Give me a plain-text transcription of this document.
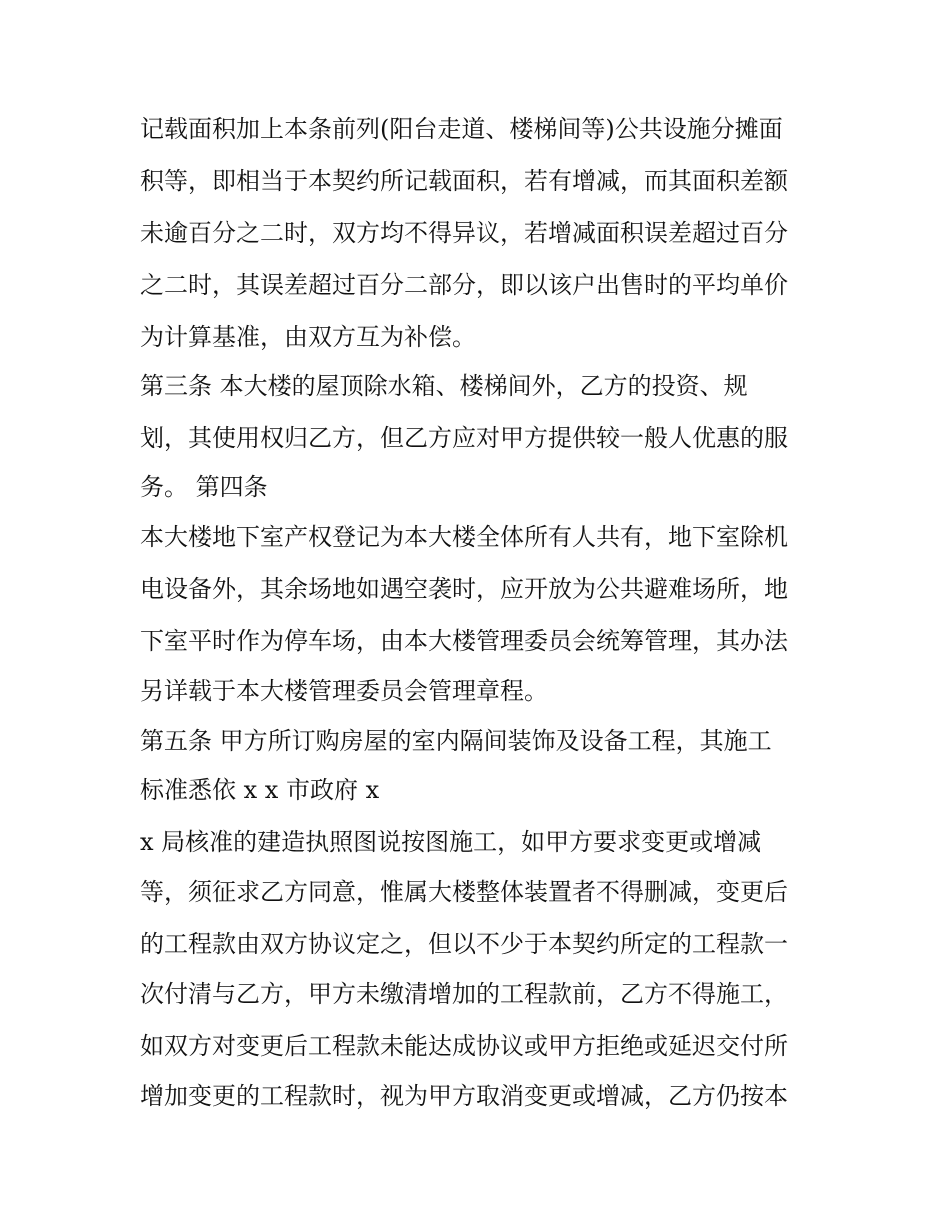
记载面积加上本条前列(阳台走道、楼梯间等)公共设施分摊面
积等，即相当于本契约所记载面积，若有增减，而其面积差额
未逾百分之二时，双方均不得异议，若增减面积误差超过百分
之二时，其误差超过百分二部分，即以该户出售时的平均单价
为计算基准，由双方互为补偿。
第三条 本大楼的屋顶除水箱、楼梯间外，乙方的投资、规
划，其使用权归乙方，但乙方应对甲方提供较一般人优惠的服
务。 第四条
本大楼地下室产权登记为本大楼全体所有人共有，地下室除机
电设备外，其余场地如遇空袭时，应开放为公共避难场所，地
下室平时作为停车场，由本大楼管理委员会统筹管理，其办法
另详载于本大楼管理委员会管理章程。
第五条 甲方所订购房屋的室内隔间装饰及设备工程，其施工
标准悉依 x x 市政府 x
x 局核准的建造执照图说按图施工，如甲方要求变更或增减
等，须征求乙方同意，惟属大楼整体装置者不得删减，变更后
的工程款由双方协议定之，但以不少于本契约所定的工程款一
次付清与乙方，甲方未缴清增加的工程款前，乙方不得施工，
如双方对变更后工程款未能达成协议或甲方拒绝或延迟交付所
增加变更的工程款时，视为甲方取消变更或增减，乙方仍按本
